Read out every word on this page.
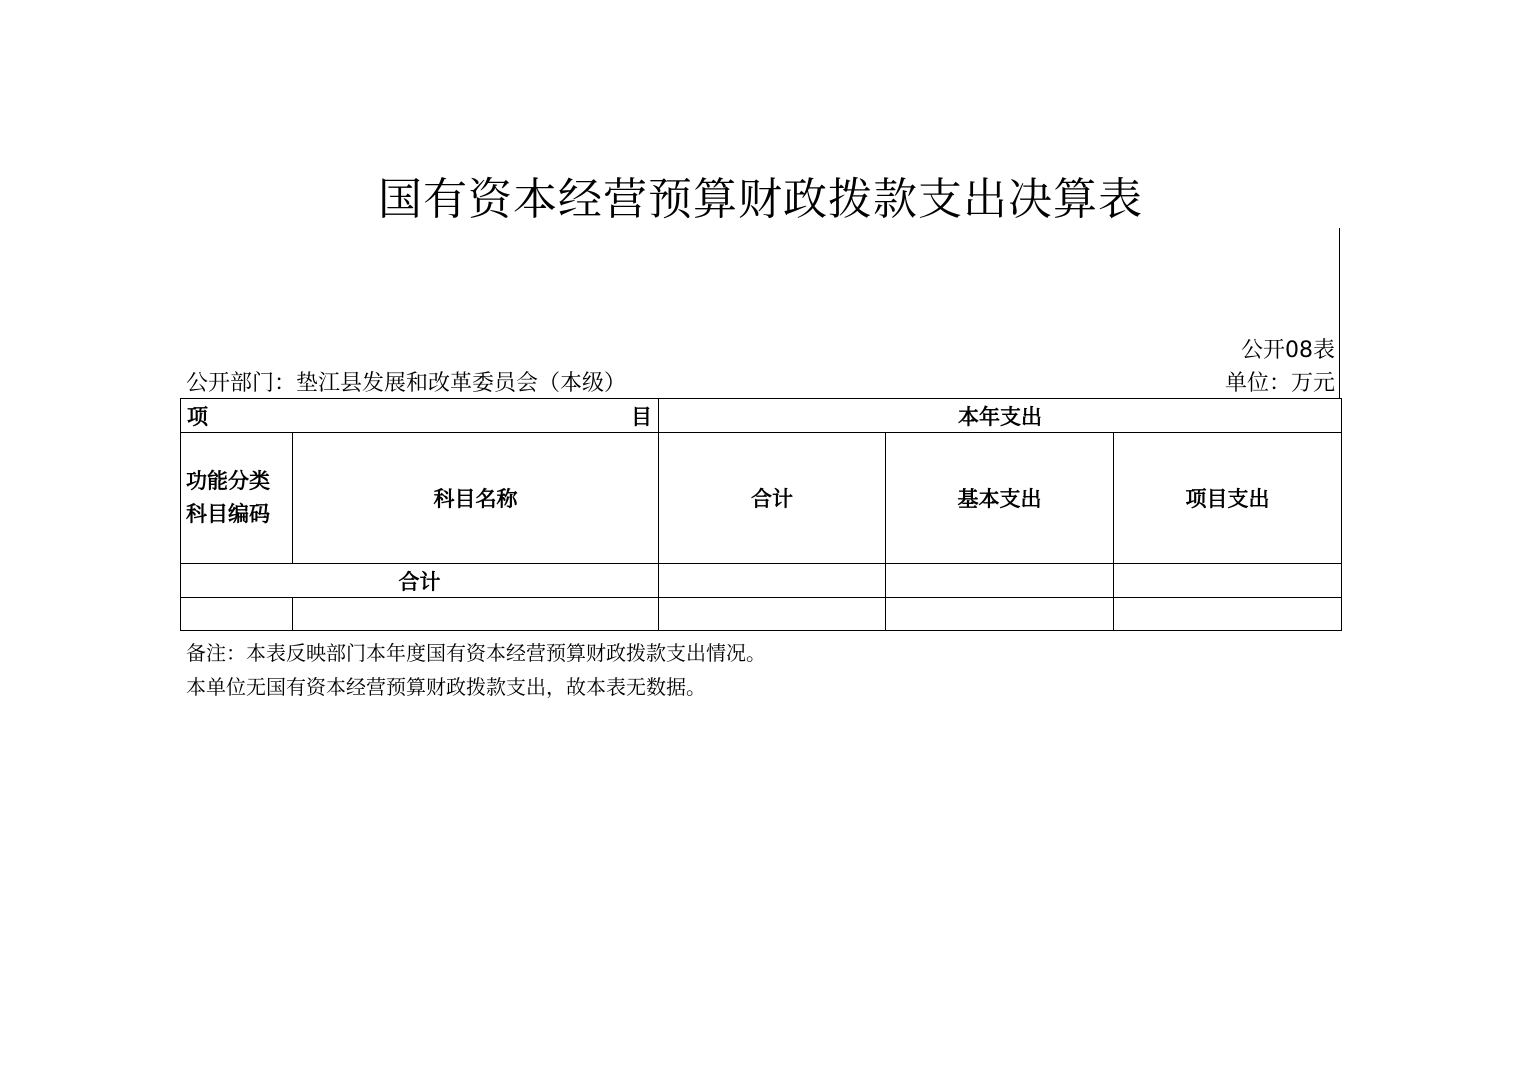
国有资本经营预算财政拨款支出决算表
公开08表
公开部门：垫江县发展和改革委员会（本级）	单位：万元
项 目		本年支出		

功能分类
科目编码	科目名称	合计	基本支出	项目支出
合计				

备注：本表反映部门本年度国有资本经营预算财政拨款支出情况。
本单位无国有资本经营预算财政拨款支出，故本表无数据。
